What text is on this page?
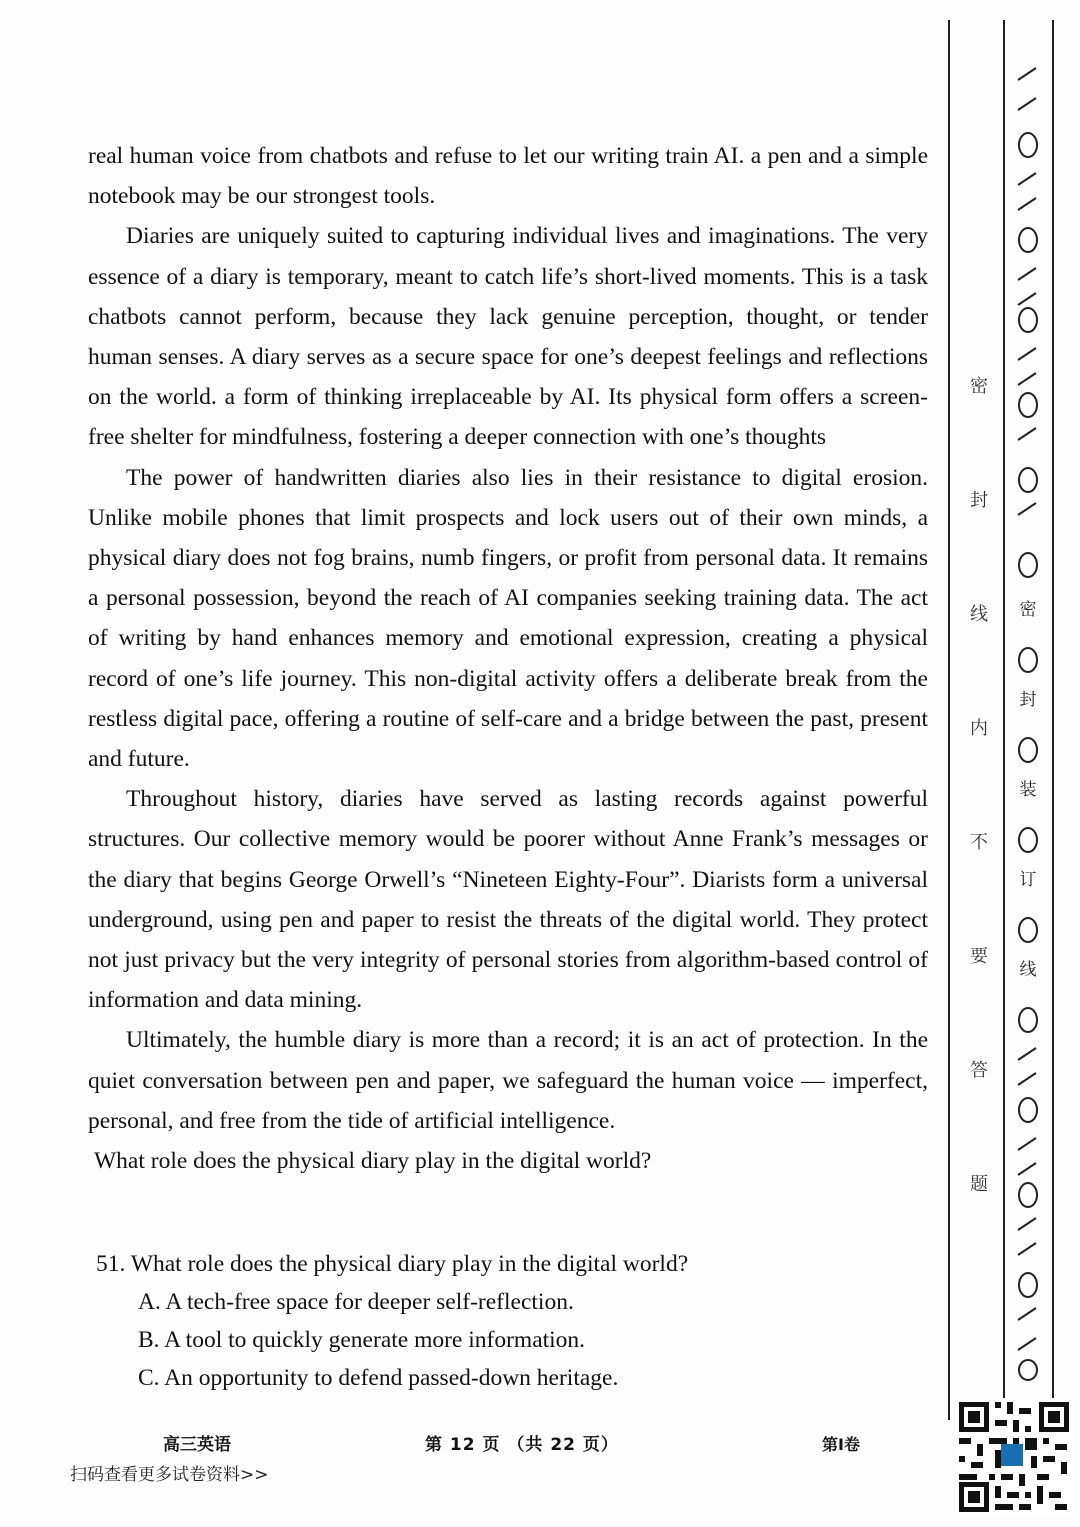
real human voice from chatbots and refuse to let our writing train AI. a pen and a simple notebook may be our strongest tools.

Diaries are uniquely suited to capturing individual lives and imaginations. The very essence of a diary is temporary, meant to catch life’s short-lived moments. This is a task chatbots cannot perform, because they lack genuine perception, thought, or tender human senses. A diary serves as a secure space for one’s deepest feelings and reflections on the world. a form of thinking irreplaceable by AI. Its physical form offers a screen-free shelter for mindfulness, fostering a deeper connection with one’s thoughts

The power of handwritten diaries also lies in their resistance to digital erosion. Unlike mobile phones that limit prospects and lock users out of their own minds, a physical diary does not fog brains, numb fingers, or profit from personal data. It remains a personal possession, beyond the reach of AI companies seeking training data. The act of writing by hand enhances memory and emotional expression, creating a physical record of one’s life journey. This non-digital activity offers a deliberate break from the restless digital pace, offering a routine of self-care and a bridge between the past, present and future.

Throughout history, diaries have served as lasting records against powerful structures. Our collective memory would be poorer without Anne Frank’s messages or the diary that begins George Orwell’s “Nineteen Eighty-Four”. Diarists form a universal underground, using pen and paper to resist the threats of the digital world. They protect not just privacy but the very integrity of personal stories from algorithm-based control of information and data mining.

Ultimately, the humble diary is more than a record; it is an act of protection. In the quiet conversation between pen and paper, we safeguard the human voice — imperfect, personal, and free from the tide of artificial intelligence.

What role does the physical diary play in the digital world?

51. What role does the physical diary play in the digital world?

A. A tech-free space for deeper self-reflection.

B. A tool to quickly generate more information.

C. An opportunity to defend passed-down heritage.

高三英语	第 12 页 （共 22 页）	第I卷
扫码查看更多试卷资料>>
密
封
线
内
不
要
答
题
密
封
装
订
线
